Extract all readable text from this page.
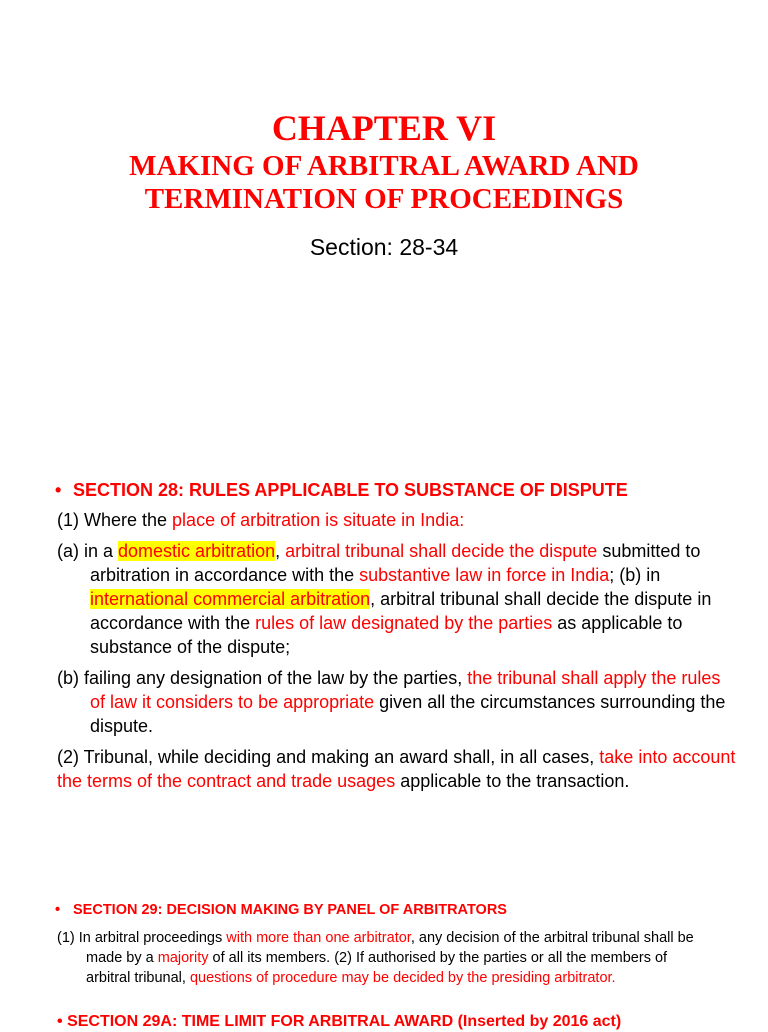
CHAPTER VI
MAKING OF ARBITRAL AWARD AND
TERMINATION OF PROCEEDINGS
Section: 28-34
• SECTION 28: RULES APPLICABLE TO SUBSTANCE OF DISPUTE

(1) Where the place of arbitration is situate in India:

(a) in a domestic arbitration, arbitral tribunal shall decide the dispute submitted to arbitration in accordance with the substantive law in force in India; (b) in international commercial arbitration, arbitral tribunal shall decide the dispute in accordance with the rules of law designated by the parties as applicable to substance of the dispute;

(b) failing any designation of the law by the parties, the tribunal shall apply the rules of law it considers to be appropriate given all the circumstances surrounding the dispute.

(2) Tribunal, while deciding and making an award shall, in all cases, take into account the terms of the contract and trade usages applicable to the transaction.

• SECTION 29: DECISION MAKING BY PANEL OF ARBITRATORS

(1) In arbitral proceedings with more than one arbitrator, any decision of the arbitral tribunal shall be made by a majority of all its members. (2) If authorised by the parties or all the members of arbitral tribunal, questions of procedure may be decided by the presiding arbitrator.

• SECTION 29A: TIME LIMIT FOR ARBITRAL AWARD (Inserted by 2016 act)
